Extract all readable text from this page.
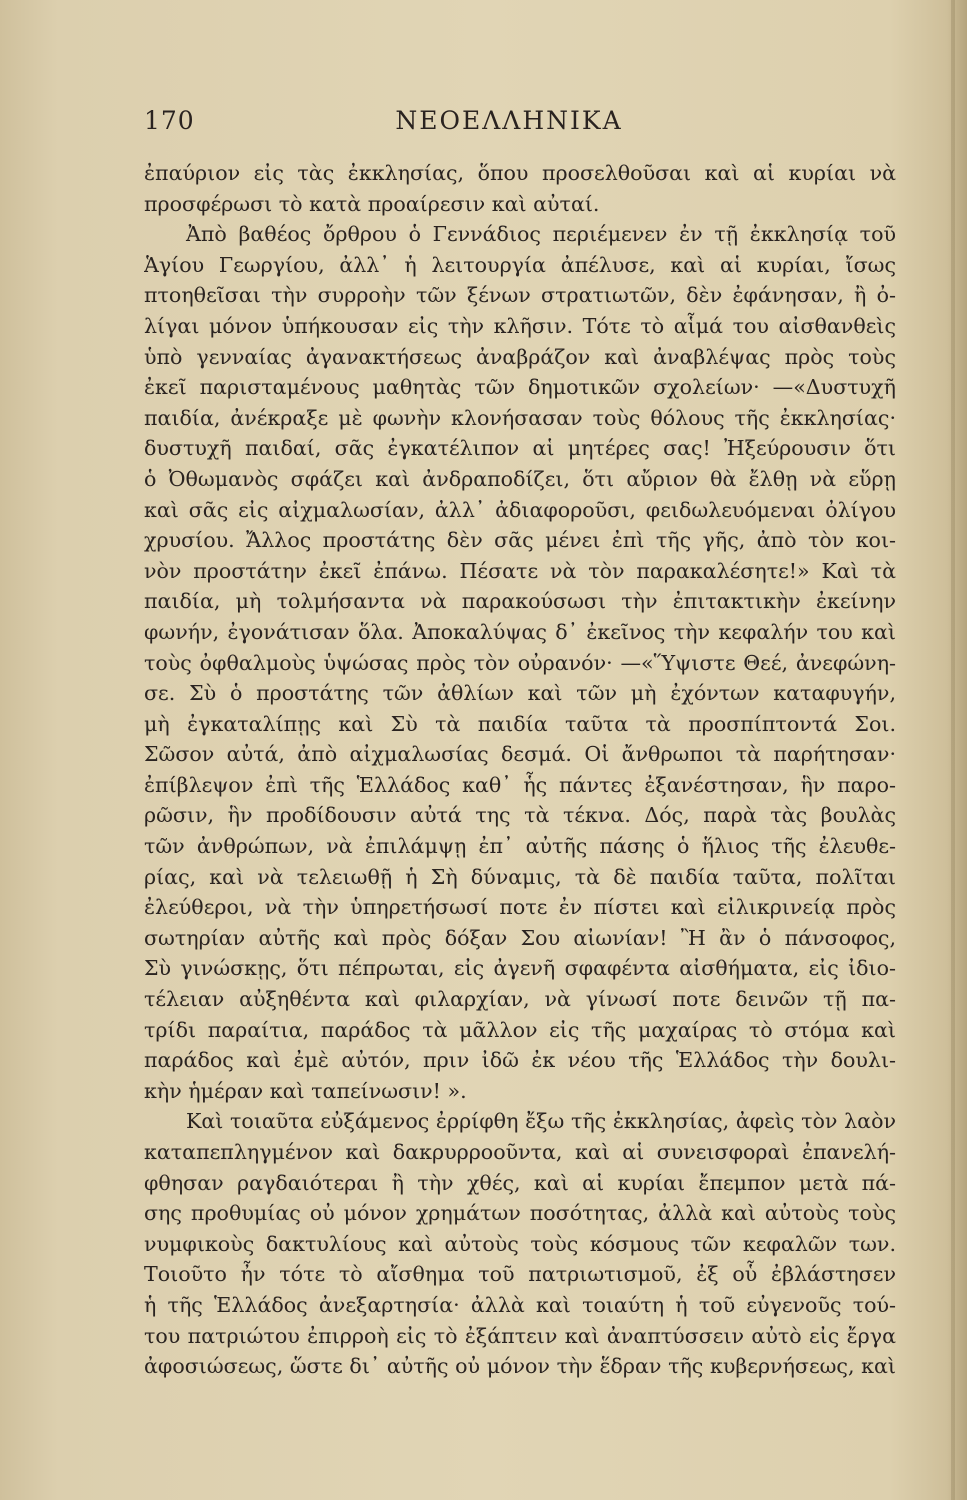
ΝΕΟΕΛΛΗΝΙΚΑ
170
ἐπαύριον εἰς τὰς ἐκκλησίας, ὅπου προσελθοῦσαι καὶ αἱ κυρίαι νὰ
προσφέρωσι τὸ κατὰ προαίρεσιν καὶ αὐταί.
Ἀπὸ βαθέος ὄρθρου ὁ Γεννάδιος περιέμενεν ἐν τῇ ἐκκλησίᾳ τοῦ
Ἁγίου Γεωργίου, ἀλλ᾽ ἡ λειτουργία ἀπέλυσε, καὶ αἱ κυρίαι, ἴσως
πτοηθεῖσαι τὴν συρροὴν τῶν ξένων στρατιωτῶν, δὲν ἐφάνησαν, ἢ ὀ-
λίγαι μόνον ὑπήκουσαν εἰς τὴν κλῆσιν. Τότε τὸ αἷμά του αἰσθανθεὶς
ὑπὸ γενναίας ἀγανακτήσεως ἀναβράζον καὶ ἀναβλέψας πρὸς τοὺς
ἐκεῖ παρισταμένους μαθητὰς τῶν δημοτικῶν σχολείων· —«Δυστυχῆ
παιδία, ἀνέκραξε μὲ φωνὴν κλονήσασαν τοὺς θόλους τῆς ἐκκλησίας·
δυστυχῆ παιδαί, σᾶς ἐγκατέλιπον αἱ μητέρες σας! Ἠξεύρουσιν ὅτι
ὁ Ὀθωμανὸς σφάζει καὶ ἀνδραποδίζει, ὅτι αὔριον θὰ ἔλθῃ νὰ εὕρῃ
καὶ σᾶς εἰς αἰχμαλωσίαν, ἀλλ᾽ ἀδιαφοροῦσι, φειδωλευόμεναι ὀλίγου
χρυσίου. Ἄλλος προστάτης δὲν σᾶς μένει ἐπὶ τῆς γῆς, ἀπὸ τὸν κοι-
νὸν προστάτην ἐκεῖ ἐπάνω. Πέσατε νὰ τὸν παρακαλέσητε!» Καὶ τὰ
παιδία, μὴ τολμήσαντα νὰ παρακούσωσι τὴν ἐπιτακτικὴν ἐκείνην
φωνήν, ἐγονάτισαν ὅλα. Ἀποκαλύψας δ᾽ ἐκεῖνος τὴν κεφαλήν του καὶ
τοὺς ὀφθαλμοὺς ὑψώσας πρὸς τὸν οὐρανόν· —«Ὕψιστε Θεέ, ἀνεφώνη-
σε. Σὺ ὁ προστάτης τῶν ἀθλίων καὶ τῶν μὴ ἐχόντων καταφυγήν,
μὴ ἐγκαταλίπῃς καὶ Σὺ τὰ παιδία ταῦτα τὰ προσπίπτοντά Σοι.
Σῶσον αὐτά, ἀπὸ αἰχμαλωσίας δεσμά. Οἱ ἄνθρωποι τὰ παρήτησαν·
ἐπίβλεψον ἐπὶ τῆς Ἑλλάδος καθ᾽ ἧς πάντες ἐξανέστησαν, ἣν παρο-
ρῶσιν, ἣν προδίδουσιν αὐτά της τὰ τέκνα. Δός, παρὰ τὰς βουλὰς
τῶν ἀνθρώπων, νὰ ἐπιλάμψῃ ἐπ᾽ αὐτῆς πάσης ὁ ἥλιος τῆς ἐλευθε-
ρίας, καὶ νὰ τελειωθῇ ἡ Σὴ δύναμις, τὰ δὲ παιδία ταῦτα, πολῖται
ἐλεύθεροι, νὰ τὴν ὑπηρετήσωσί ποτε ἐν πίστει καὶ εἰλικρινείᾳ πρὸς
σωτηρίαν αὐτῆς καὶ πρὸς δόξαν Σου αἰωνίαν! Ἢ ἂν ὁ πάνσοφος,
Σὺ γινώσκῃς, ὅτι πέπρωται, εἰς ἀγενῆ σφαφέντα αἰσθήματα, εἰς ἰδιο-
τέλειαν αὐξηθέντα καὶ φιλαρχίαν, νὰ γίνωσί ποτε δεινῶν τῇ πα-
τρίδι παραίτια, παράδος τὰ μᾶλλον εἰς τῆς μαχαίρας τὸ στόμα καὶ
παράδος καὶ ἐμὲ αὐτόν, πριν ἰδῶ ἐκ νέου τῆς Ἑλλάδος τὴν δουλι-
κὴν ἡμέραν καὶ ταπείνωσιν! ».
Καὶ τοιαῦτα εὐξάμενος ἐρρίφθη ἔξω τῆς ἐκκλησίας, ἀφεὶς τὸν λαὸν
καταπεπληγμένον καὶ δακρυρροοῦντα, καὶ αἱ συνεισφοραὶ ἐπανελή-
φθησαν ραγδαιότεραι ἢ τὴν χθές, καὶ αἱ κυρίαι ἔπεμπον μετὰ πά-
σης προθυμίας οὐ μόνον χρημάτων ποσότητας, ἀλλὰ καὶ αὐτοὺς τοὺς
νυμφικοὺς δακτυλίους καὶ αὐτοὺς τοὺς κόσμους τῶν κεφαλῶν των.
Τοιοῦτο ἦν τότε τὸ αἴσθημα τοῦ πατριωτισμοῦ, ἐξ οὗ ἐβλάστησεν
ἡ τῆς Ἑλλάδος ἀνεξαρτησία· ἀλλὰ καὶ τοιαύτη ἡ τοῦ εὐγενοῦς τού-
του πατριώτου ἐπιρροὴ εἰς τὸ ἐξάπτειν καὶ ἀναπτύσσειν αὐτὸ εἰς ἔργα
ἀφοσιώσεως, ὥστε δι᾽ αὐτῆς οὐ μόνον τὴν ἕδραν τῆς κυβερνήσεως, καὶ
